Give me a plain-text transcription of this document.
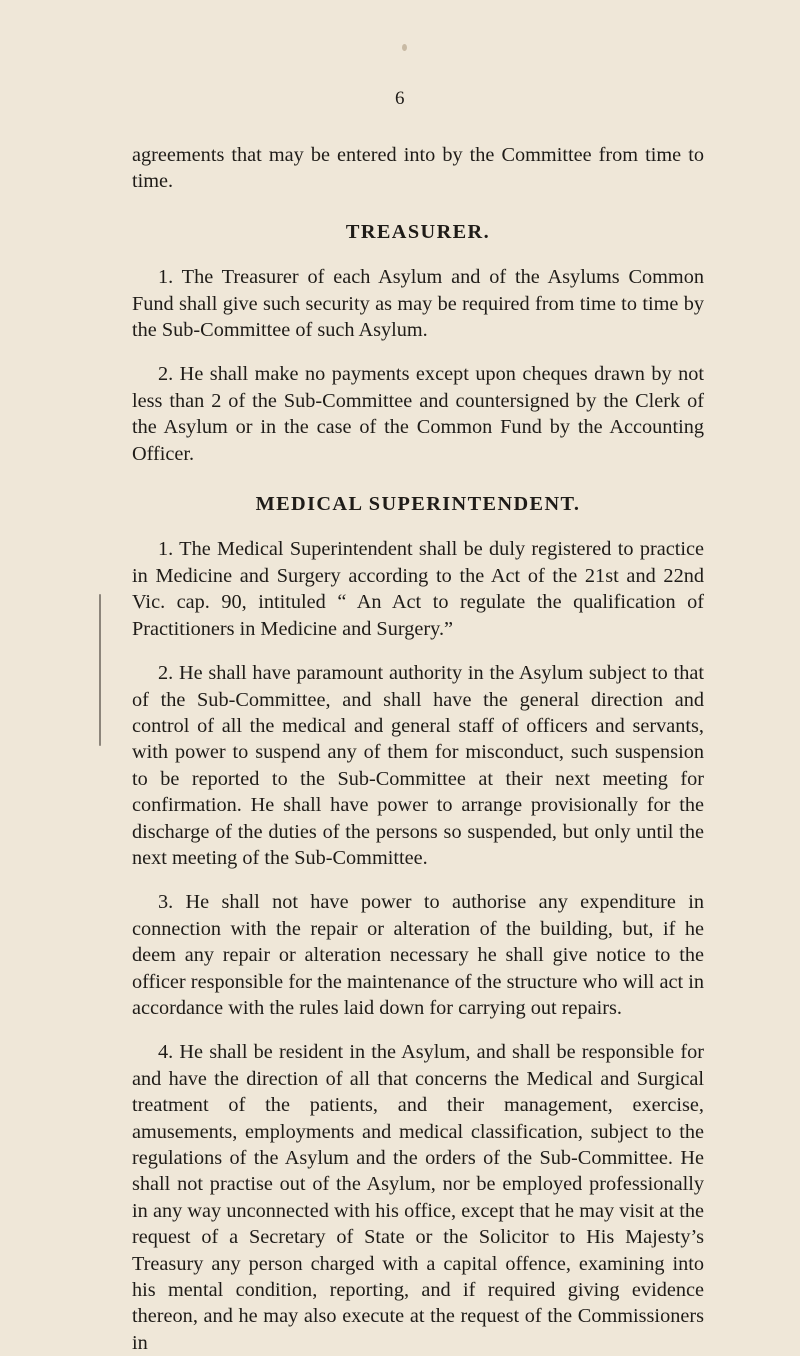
6

agreements that may be entered into by the Committee from time to time.

TREASURER.

1. The Treasurer of each Asylum and of the Asylums Common Fund shall give such security as may be required from time to time by the Sub-Committee of such Asylum.

2. He shall make no payments except upon cheques drawn by not less than 2 of the Sub-Committee and countersigned by the Clerk of the Asylum or in the case of the Common Fund by the Accounting Officer.

MEDICAL SUPERINTENDENT.

1. The Medical Superintendent shall be duly registered to practice in Medicine and Surgery according to the Act of the 21st and 22nd Vic. cap. 90, intituled “ An Act to regulate the qualification of Practitioners in Medicine and Surgery.”

2. He shall have paramount authority in the Asylum subject to that of the Sub-Committee, and shall have the general direction and control of all the medical and general staff of officers and servants, with power to suspend any of them for misconduct, such suspension to be reported to the Sub-Committee at their next meeting for confirmation. He shall have power to arrange provisionally for the discharge of the duties of the persons so suspended, but only until the next meeting of the Sub-Committee.

3. He shall not have power to authorise any expenditure in connection with the repair or alteration of the building, but, if he deem any repair or alteration necessary he shall give notice to the officer responsible for the maintenance of the structure who will act in accordance with the rules laid down for carrying out repairs.

4. He shall be resident in the Asylum, and shall be responsible for and have the direction of all that concerns the Medical and Surgical treatment of the patients, and their management, exercise, amusements, employments and medical classification, subject to the regulations of the Asylum and the orders of the Sub-Committee. He shall not practise out of the Asylum, nor be employed professionally in any way unconnected with his office, except that he may visit at the request of a Secretary of State or the Solicitor to His Majesty’s Treasury any person charged with a capital offence, examining into his mental condition, reporting, and if required giving evidence thereon, and he may also execute at the request of the Commissioners in
